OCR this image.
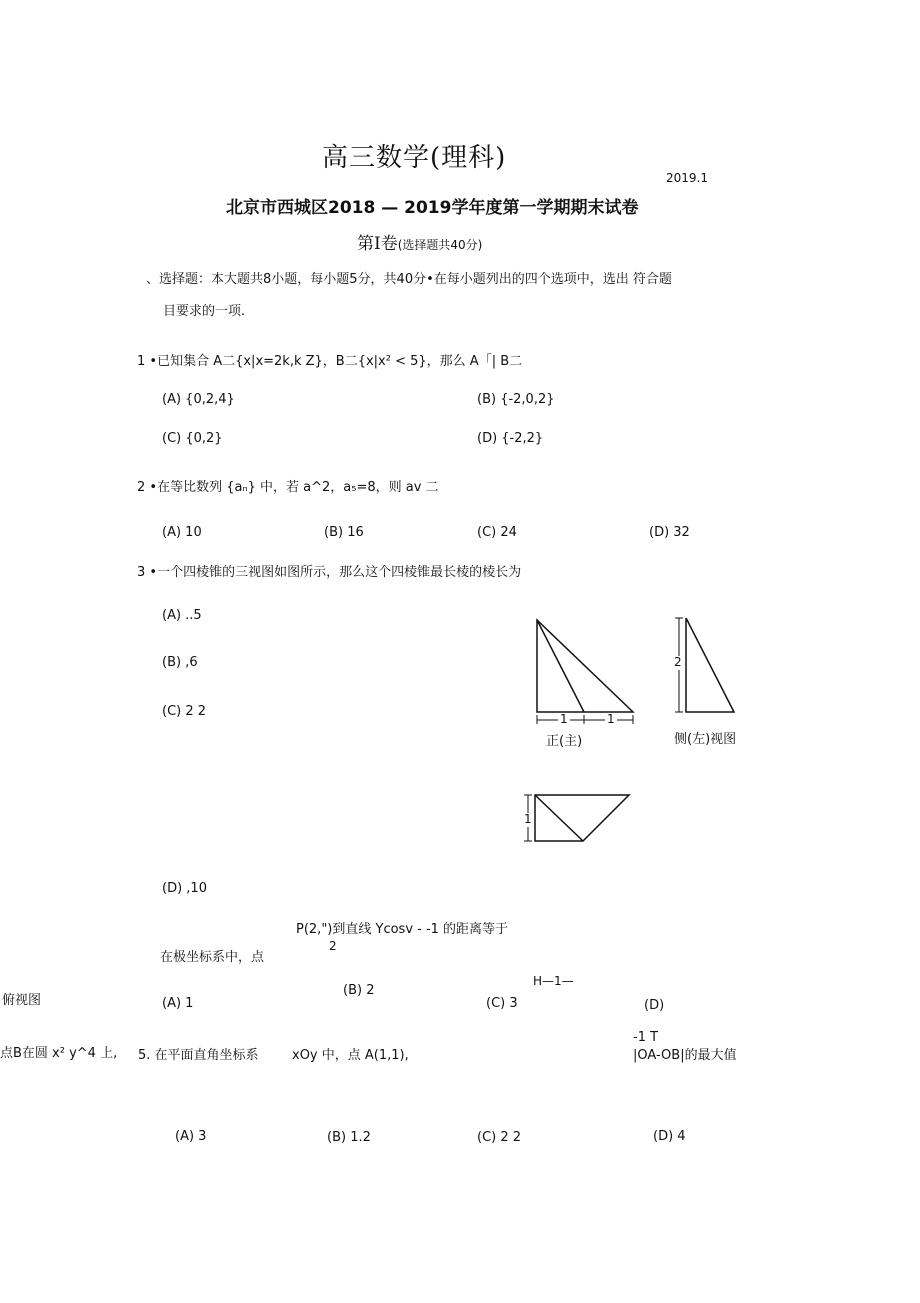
高三数学(理科)
2019.1
北京市西城区2018 — 2019学年度第一学期期末试卷
第I卷(选择题共40分)
、选择题：本大题共8小题，每小题5分，共40分•在每小题列出的四个选项中，选出 符合题
目要求的一项.
1 •已知集合 A二{x|x=2k,k Z}，B二{x|x² < 5}，那么 A「| B二
(A) {0,2,4}	(B) {-2,0,2}
(C) {0,2}	(D) {-2,2}
2 •在等比数列 {aₙ} 中，若 a^2，a₅=8，则 av 二
(A) 10	(B) 16	(C) 24	(D) 32
3 •一个四棱锥的三视图如图所示，那么这个四棱锥最长棱的棱长为
(A) ..5
(B) ,6
(C) 2 2
(D) ,10
1	1
正(主)
2
侧(左)视图
1
俯视图
P(2,")到直线 Ycosv - -1 的距离等于
2
在极坐标系中，点
H—1—
(A) 1
(B) 2
(C) 3	(D)
点B在圆 x² y^4 上, 5. 在平面直角坐标系	xOy 中，点 A(1,1),
-1 T
|OA-OB|的最大值
(A) 3	(B) 1.2	(C) 2 2	(D) 4
